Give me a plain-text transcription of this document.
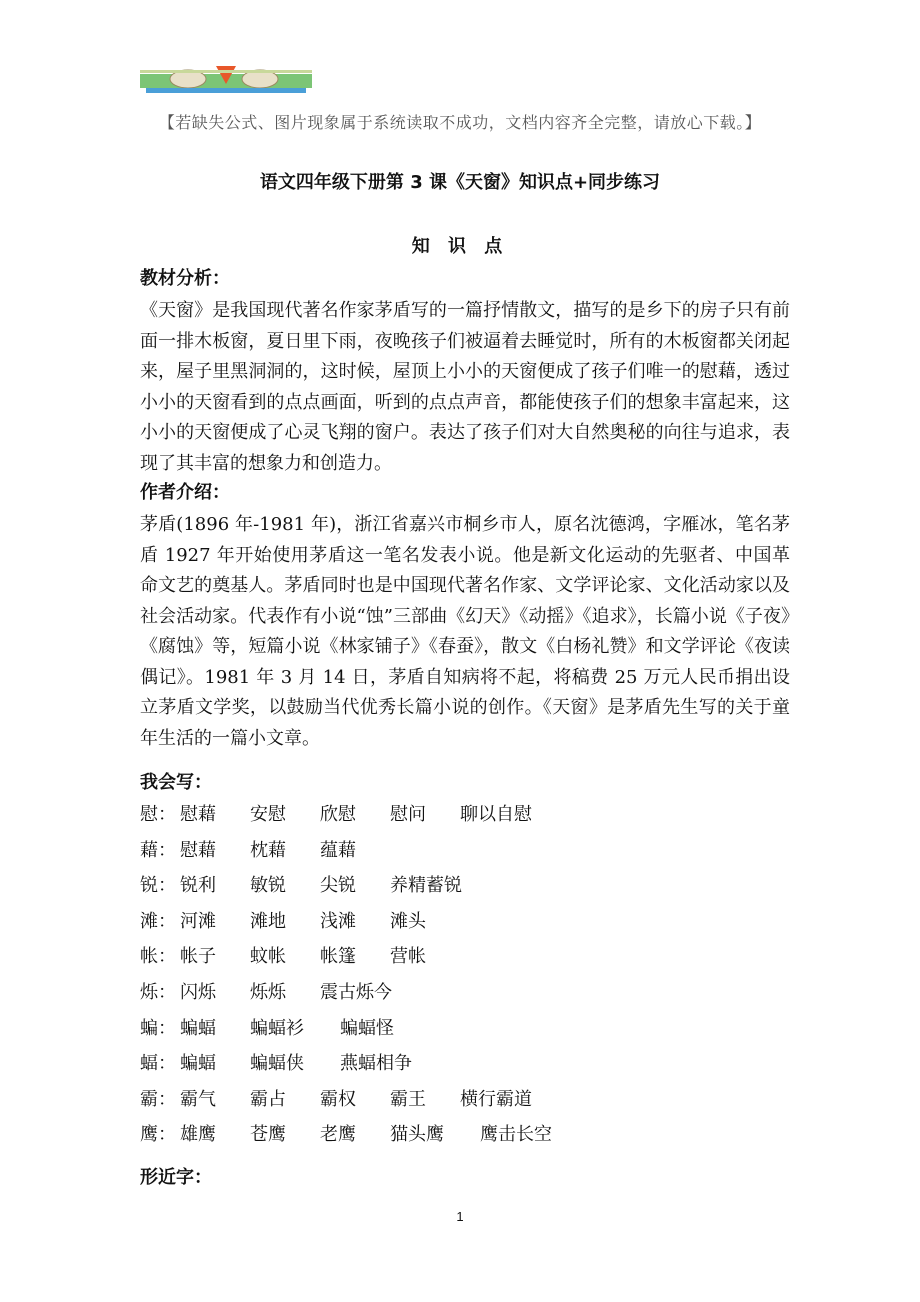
【若缺失公式、图片现象属于系统读取不成功，文档内容齐全完整，请放心下载。】
语文四年级下册第 3 课《天窗》知识点+同步练习
知 识 点
教材分析：

《天窗》是我国现代著名作家茅盾写的一篇抒情散文，描写的是乡下的房子只有前面一排木板窗，夏日里下雨，夜晚孩子们被逼着去睡觉时，所有的木板窗都关闭起来，屋子里黑洞洞的，这时候，屋顶上小小的天窗便成了孩子们唯一的慰藉，透过小小的天窗看到的点点画面，听到的点点声音，都能使孩子们的想象丰富起来，这小小的天窗便成了心灵飞翔的窗户。表达了孩子们对大自然奥秘的向往与追求，表现了其丰富的想象力和创造力。

作者介绍：

茅盾(1896 年-1981 年)，浙江省嘉兴市桐乡市人，原名沈德鸿，字雁冰，笔名茅盾 1927 年开始使用茅盾这一笔名发表小说。他是新文化运动的先驱者、中国革命文艺的奠基人。茅盾同时也是中国现代著名作家、文学评论家、文化活动家以及社会活动家。代表作有小说“蚀”三部曲《幻天》《动摇》《追求》，长篇小说《子夜》《腐蚀》等，短篇小说《林家铺子》《春蚕》，散文《白杨礼赞》和文学评论《夜读偶记》。1981 年 3 月 14 日，茅盾自知病将不起，将稿费 25 万元人民币捐出设立茅盾文学奖，以鼓励当代优秀长篇小说的创作。《天窗》是茅盾先生写的关于童年生活的一篇小文章。

我会写：
慰： 慰藉 安慰 欣慰 慰问 聊以自慰
藉： 慰藉 枕藉 蕴藉
锐： 锐利 敏锐 尖锐 养精蓄锐
滩： 河滩 滩地 浅滩 滩头
帐： 帐子 蚊帐 帐篷 营帐
烁： 闪烁 烁烁 震古烁今
蝙： 蝙蝠 蝙蝠衫 蝙蝠怪
蝠： 蝙蝠 蝙蝠侠 燕蝠相争
霸： 霸气 霸占 霸权 霸王 横行霸道
鹰： 雄鹰 苍鹰 老鹰 猫头鹰 鹰击长空
形近字：
1
